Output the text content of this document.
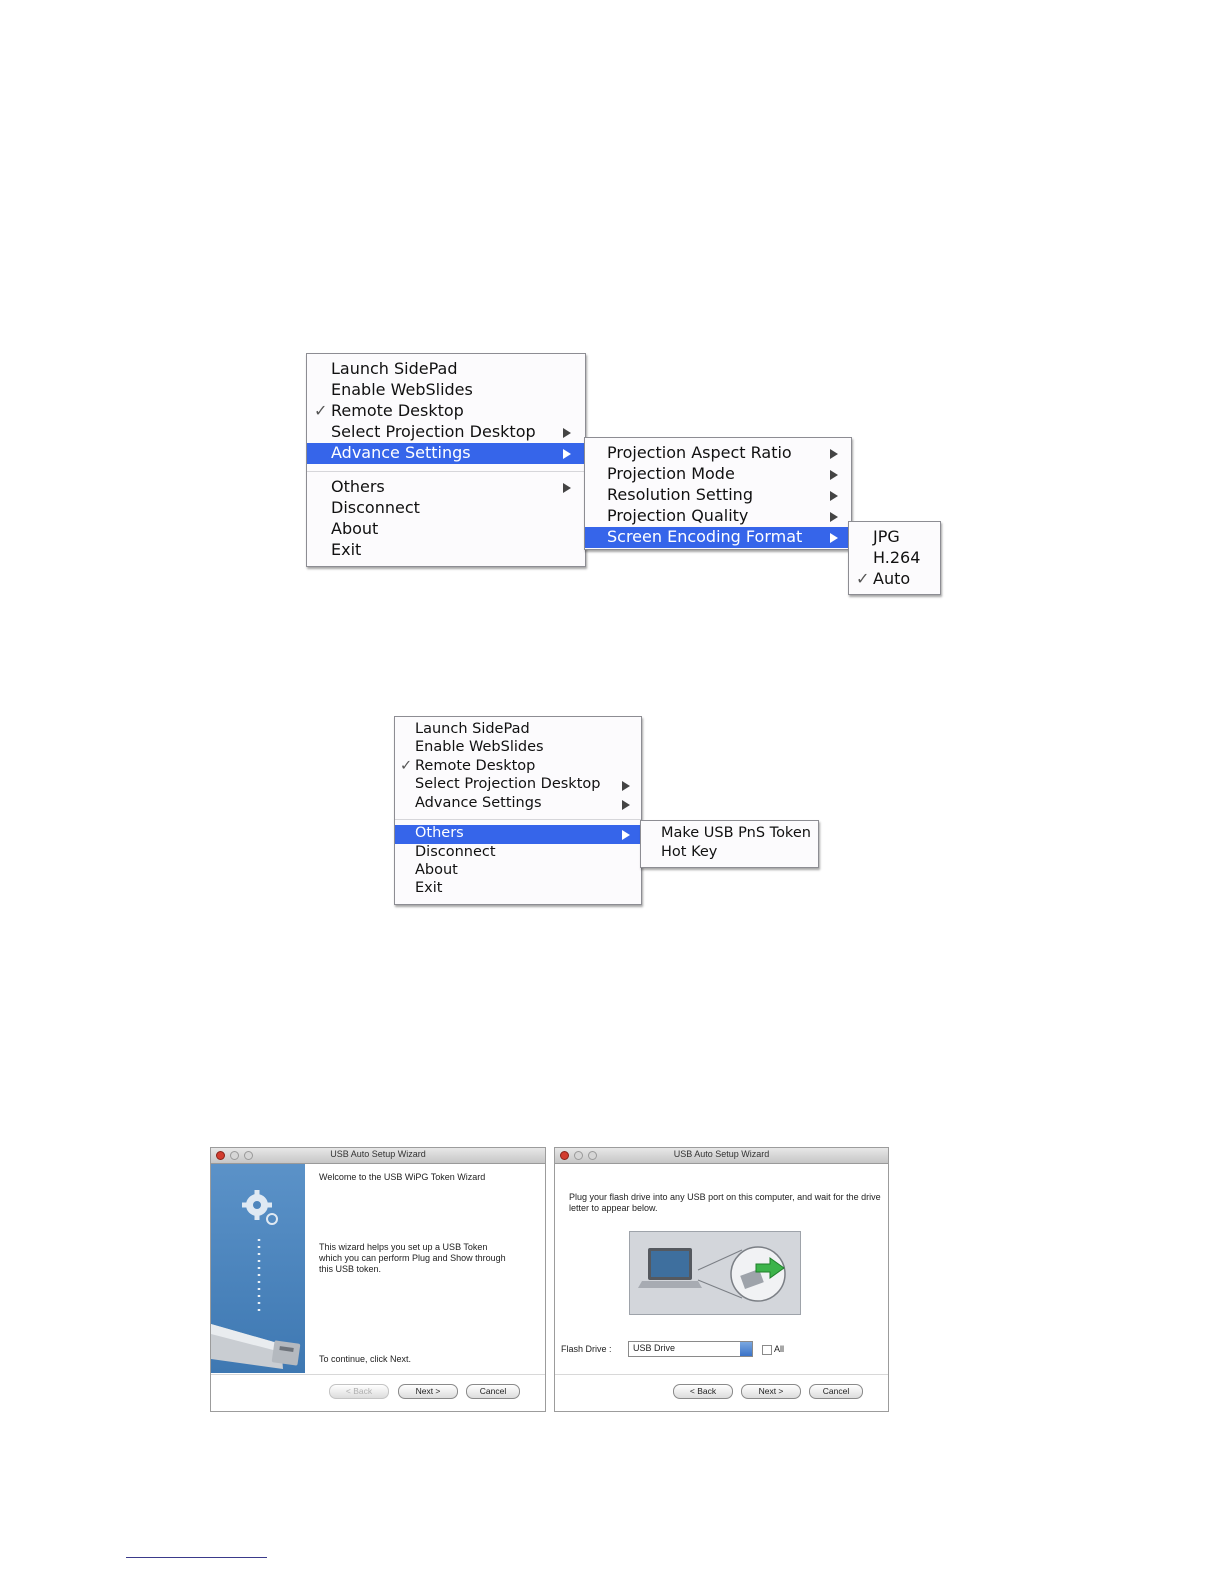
Launch SidePad
Enable WebSlides
✓ Remote Desktop
Select Projection Desktop
Advance Settings
Others
Disconnect
About
Exit
Projection Aspect Ratio
Projection Mode
Resolution Setting
Projection Quality
Screen Encoding Format	JPG
H.264
✓ Auto
Launch SidePad
Enable WebSlides
✓ Remote Desktop
Select Projection Desktop
Advance Settings
Others
Disconnect
About
Exit
Make USB PnS Token
Hot Key
USB Auto Setup Wizard
Welcome to the USB WiPG Token Wizard
This wizard helps you set up a USB Token which you can perform Plug and Show through this USB token.
To continue, click Next.
< Back	Next >	Cancel
USB Auto Setup Wizard
Plug your flash drive into any USB port on this computer, and wait for the drive letter to appear below.
Flash Drive : USB Drive	All
< Back	Next >	Cancel
